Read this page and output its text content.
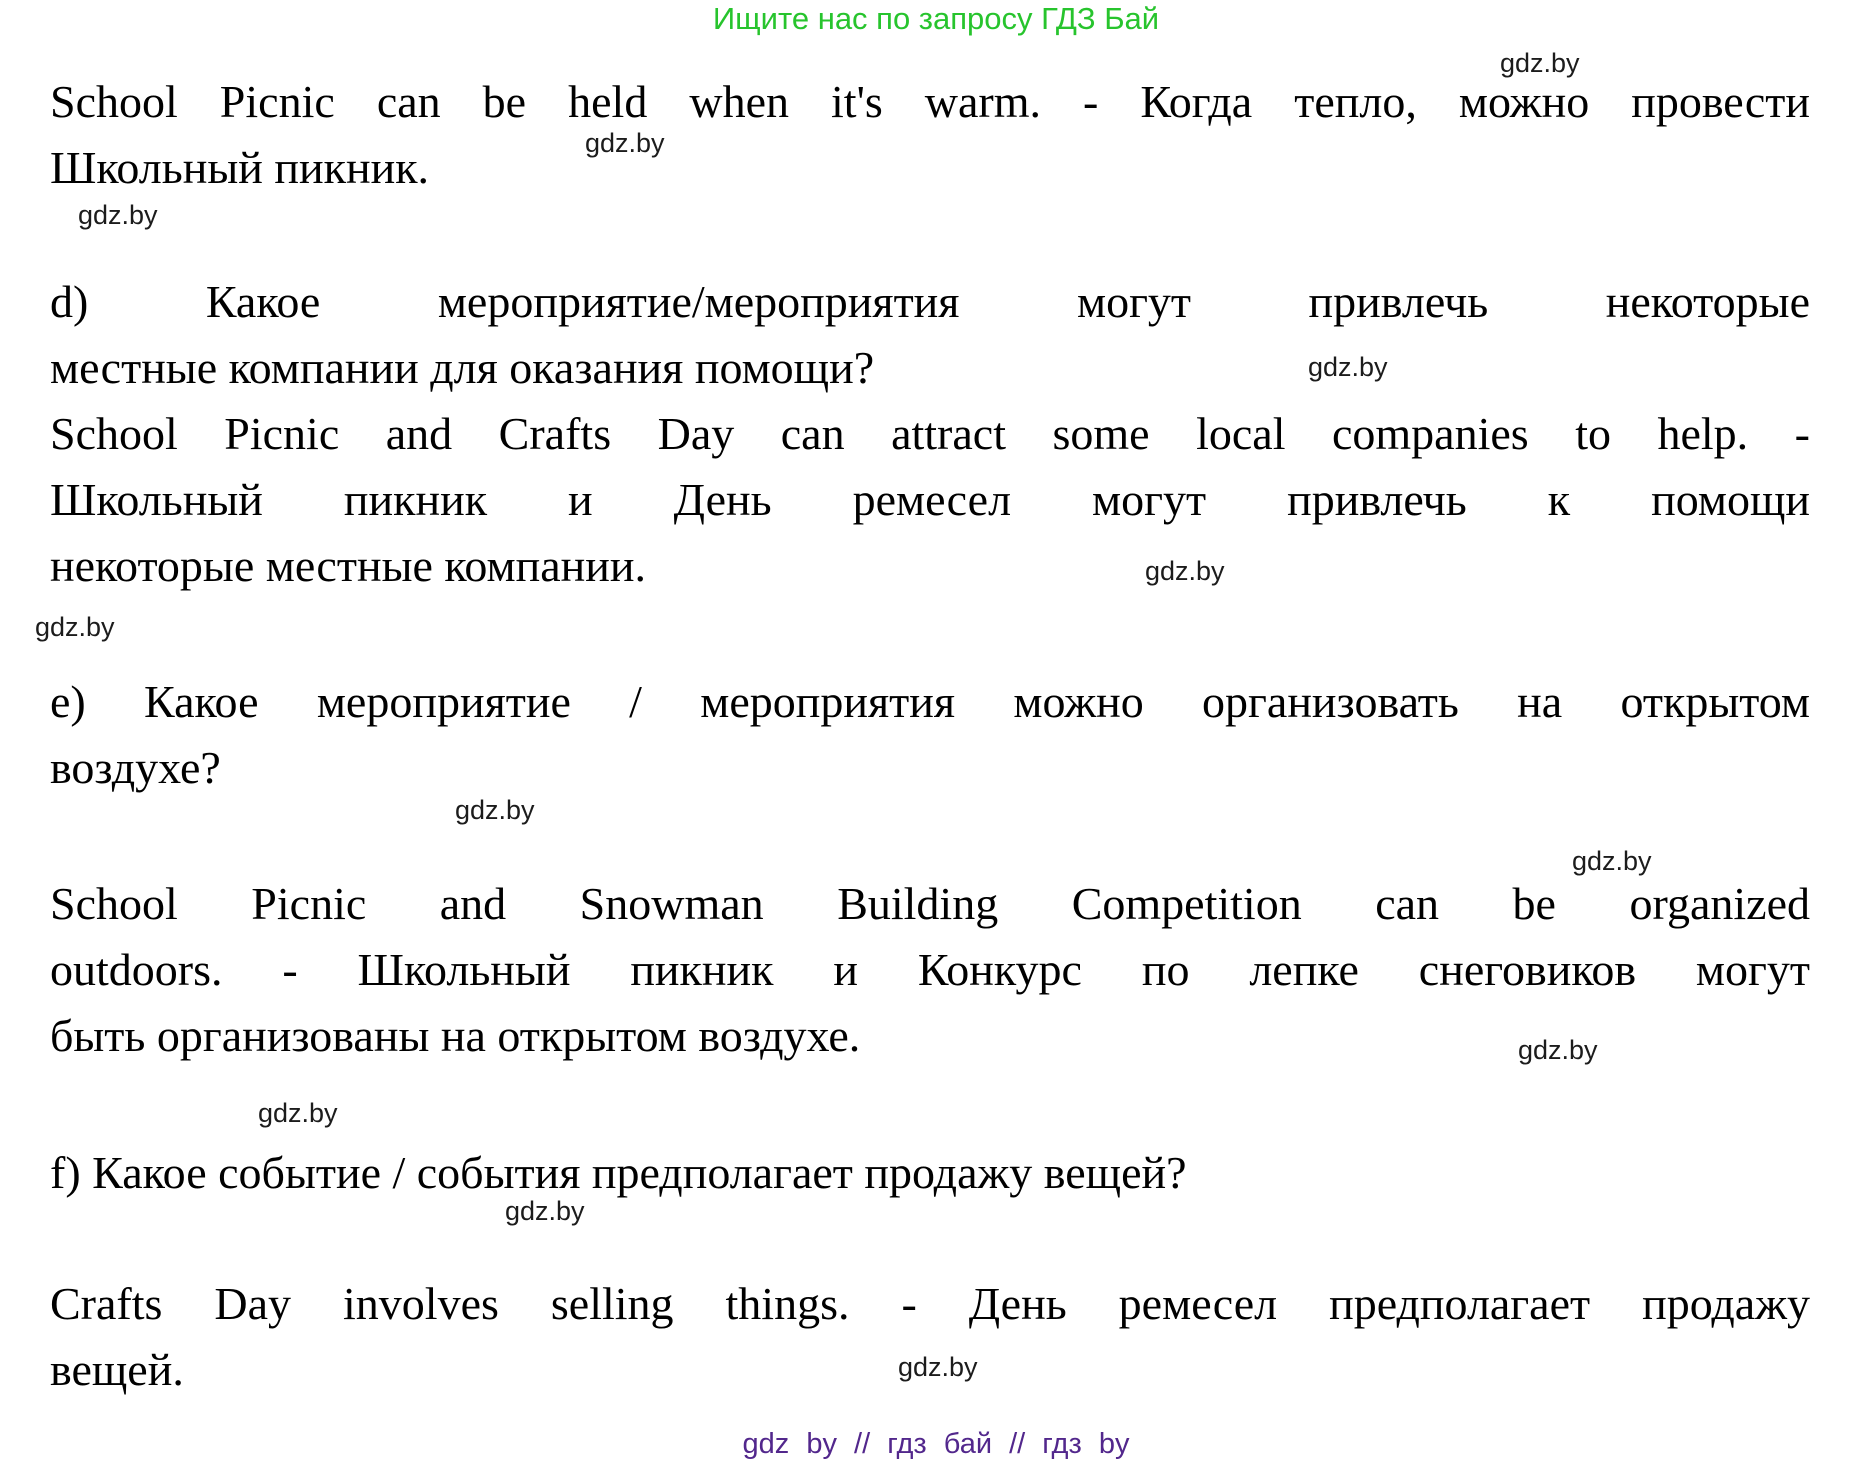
Ищите нас по запросу ГДЗ Бай
gdz.by
gdz.by
gdz.by
gdz.by
gdz.by
gdz.by
gdz.by
gdz.by
gdz.by
gdz.by
gdz.by
gdz.by
School Picnic can be held when it's warm. - Когда тепло, можно провести
Школьный пикник.
d) Какое мероприятие/мероприятия могут привлечь некоторые
местные компании для оказания помощи?
School Picnic and Crafts Day can attract some local companies to help. -
Школьный пикник и День ремесел могут привлечь к помощи
некоторые местные компании.
e) Какое мероприятие / мероприятия можно организовать на открытом
воздухе?
School Picnic and Snowman Building Competition can be organized
outdoors. - Школьный пикник и Конкурс по лепке снеговиков могут
быть организованы на открытом воздухе.
f) Какое событие / события предполагает продажу вещей?
Crafts Day involves selling things. - День ремесел предполагает продажу
вещей.
gdz by // гдз бай // гдз by
